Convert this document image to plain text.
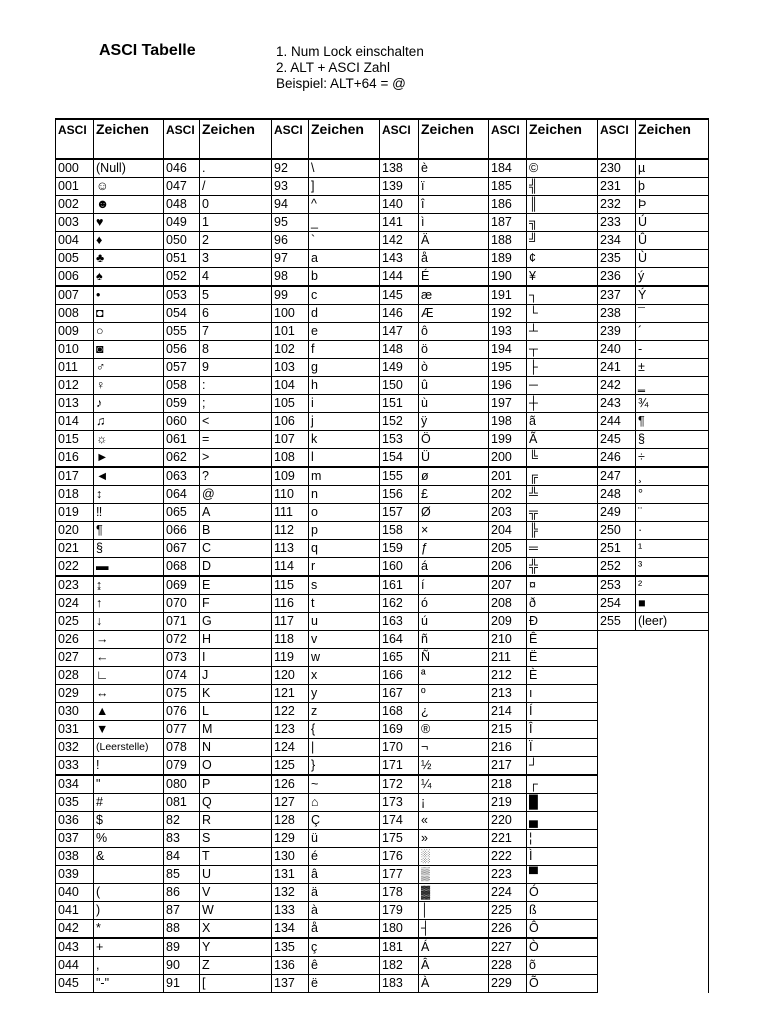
ASCI Tabelle	1. Num Lock einschalten
2. ALT + ASCI Zahl
Beispiel: ALT+64 = @
ASCI	Zeichen	ASCI	Zeichen	ASCI	Zeichen	ASCI	Zeichen	ASCI	Zeichen	ASCI	Zeichen
000	(Null)	046	.	92	\	138	è	184	©	230	µ
001	☺	047	/	93	]	139	ï	185	╣	231	þ
002	☻	048	0	94	^	140	î	186	║	232	Þ
003	♥	049	1	95	_	141	ì	187	╗	233	Ú
004	♦	050	2	96	`	142	Ä	188	╝	234	Û
005	♣	051	3	97	a	143	å	189	¢	235	Ù
006	♠	052	4	98	b	144	É	190	¥	236	ý
007	•	053	5	99	c	145	æ	191	┐	237	Ý
008	◘	054	6	100	d	146	Æ	192	└	238	¯
009	○	055	7	101	e	147	ô	193	┴	239	´
010	◙	056	8	102	f	148	ö	194	┬	240	-
011	♂	057	9	103	g	149	ò	195	├	241	±
012	♀	058	:	104	h	150	û	196	─	242	‗
013	♪	059	;	105	i	151	ù	197	┼	243	¾
014	♫	060	<	106	j	152	ÿ	198	ã	244	¶
015	☼	061	=	107	k	153	Ö	199	Ã	245	§
016	►	062	>	108	l	154	Ü	200	╚	246	÷
017	◄	063	?	109	m	155	ø	201	╔	247	¸
018	↕	064	@	110	n	156	£	202	╩	248	°
019	‼	065	A	111	o	157	Ø	203	╦	249	¨
020	¶	066	B	112	p	158	×	204	╠	250	·
021	§	067	C	113	q	159	ƒ	205	═	251	¹
022	▬	068	D	114	r	160	á	206	╬	252	³
023	↨	069	E	115	s	161	í	207	¤	253	²
024	↑	070	F	116	t	162	ó	208	ð	254	■
025	↓	071	G	117	u	163	ú	209	Ð	255	(leer)
026	→	072	H	118	v	164	ñ	210	Ê		
027	←	073	I	119	w	165	Ñ	211	Ë		
028	∟	074	J	120	x	166	ª	212	È		
029	↔	075	K	121	y	167	º	213	ı		
030	▲	076	L	122	z	168	¿	214	Í		
031	▼	077	M	123	{	169	®	215	Î		
032	(Leerstelle)	078	N	124	|	170	¬	216	Ï		
033	!	079	O	125	}	171	½	217	┘		
034	"	080	P	126	~	172	¼	218	┌		
035	#	081	Q	127	⌂	173	¡	219	█		
036	$	82	R	128	Ç	174	«	220	▄		
037	%	83	S	129	ü	175	»	221	¦		
038	&	84	T	130	é	176	░	222	Ì		
039		85	U	131	â	177	▒	223	▀		
040	(	86	V	132	ä	178	▓	224	Ó		
041	)	87	W	133	à	179	│	225	ß		
042	*	88	X	134	å	180	┤	226	Ô		
043	+	89	Y	135	ç	181	Á	227	Ò		
044	,	90	Z	136	ê	182	Â	228	õ		
045	"-"	91	[	137	ë	183	À	229	Õ		
